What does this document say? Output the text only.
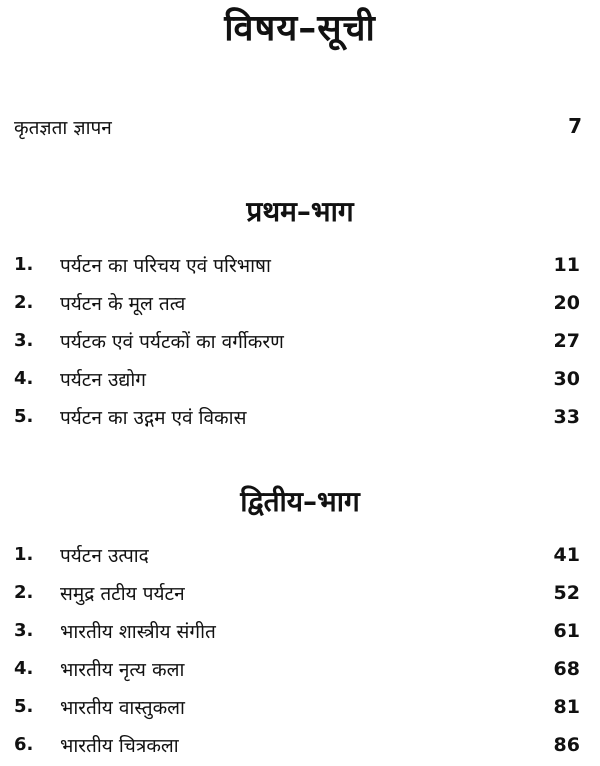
विषय–सूची
कृतज्ञता ज्ञापन	7
प्रथम–भाग
1. पर्यटन का परिचय एवं परिभाषा	11
2. पर्यटन के मूल तत्व	20
3. पर्यटक एवं पर्यटकों का वर्गीकरण	27
4. पर्यटन उद्योग	30
5. पर्यटन का उद्गम एवं विकास	33
द्वितीय–भाग
1. पर्यटन उत्पाद	41
2. समुद्र तटीय पर्यटन	52
3. भारतीय शास्त्रीय संगीत	61
4. भारतीय नृत्य कला	68
5. भारतीय वास्तुकला	81
6. भारतीय चित्रकला	86
